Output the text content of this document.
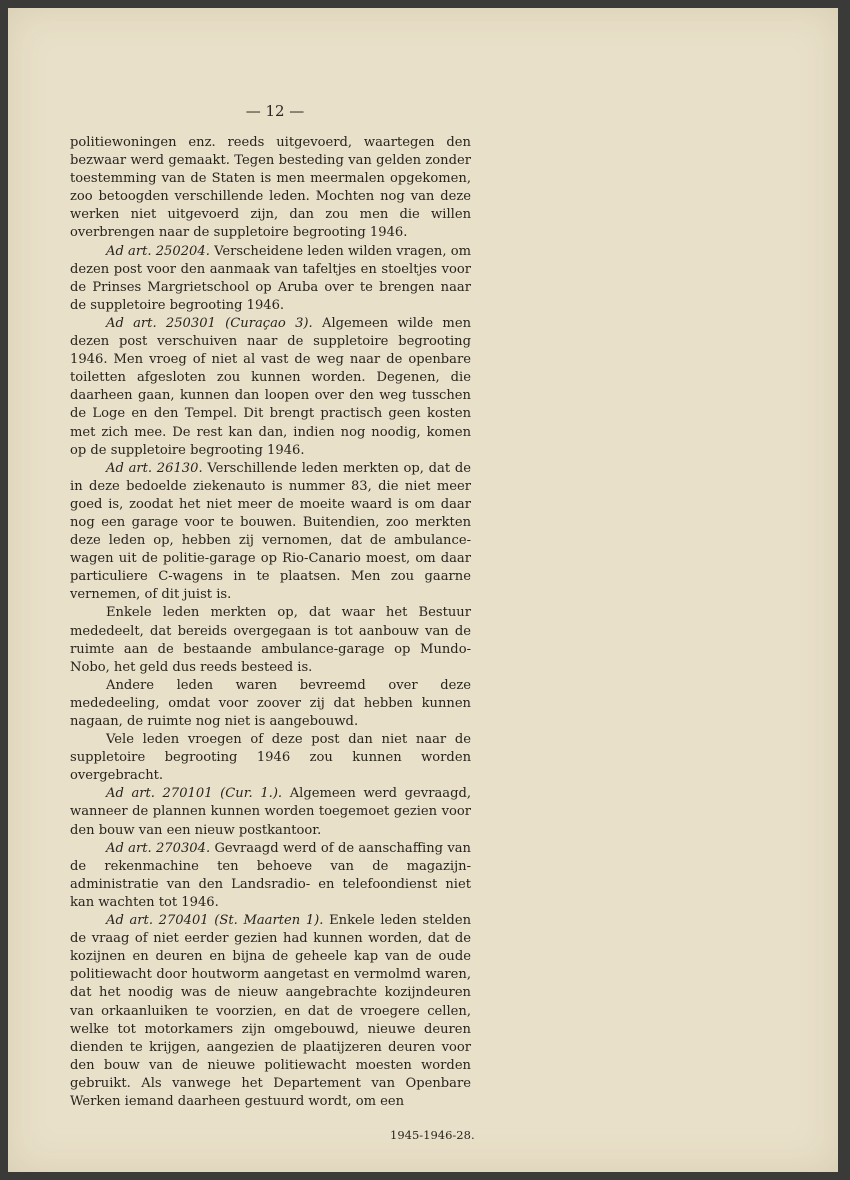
— 12 —

politiewoningen enz. reeds uitgevoerd, waartegen den bezwaar werd gemaakt. Tegen besteding van gelden zonder toestemming van de Staten is men meermalen opgekomen, zoo betoogden verschillende leden. Mochten nog van deze werken niet uitgevoerd zijn, dan zou men die willen overbrengen naar de suppletoire begrooting 1946.

Ad art. 250204. Verscheidene leden wilden vragen, om dezen post voor den aanmaak van tafeltjes en stoeltjes voor de Prinses Margrietschool op Aruba over te brengen naar de suppletoire begrooting 1946.

Ad art. 250301 (Curaçao 3). Algemeen wilde men dezen post verschuiven naar de suppletoire begrooting 1946. Men vroeg of niet al vast de weg naar de openbare toiletten afgesloten zou kunnen worden. Degenen, die daarheen gaan, kunnen dan loopen over den weg tusschen de Loge en den Tempel. Dit brengt practisch geen kosten met zich mee. De rest kan dan, indien nog noodig, komen op de suppletoire begrooting 1946.

Ad art. 26130. Verschillende leden merkten op, dat de in deze bedoelde ziekenauto is nummer 83, die niet meer goed is, zoodat het niet meer de moeite waard is om daar nog een garage voor te bouwen. Buitendien, zoo merkten deze leden op, hebben zij vernomen, dat de ambulance-wagen uit de politie-garage op Rio-Canario moest, om daar particuliere C-wagens in te plaatsen. Men zou gaarne vernemen, of dit juist is.

Enkele leden merkten op, dat waar het Bestuur mededeelt, dat bereids overgegaan is tot aanbouw van de ruimte aan de bestaande ambulance-garage op Mundo-Nobo, het geld dus reeds besteed is.

Andere leden waren bevreemd over deze mededeeling, omdat voor zoover zij dat hebben kunnen nagaan, de ruimte nog niet is aangebouwd.

Vele leden vroegen of deze post dan niet naar de suppletoire begrooting 1946 zou kunnen worden overgebracht.

Ad art. 270101 (Cur. 1.). Algemeen werd gevraagd, wanneer de plannen kunnen worden toegemoet gezien voor den bouw van een nieuw postkantoor.

Ad art. 270304. Gevraagd werd of de aanschaffing van de rekenmachine ten behoeve van de magazijn-administratie van den Landsradio- en telefoondienst niet kan wachten tot 1946.

Ad art. 270401 (St. Maarten 1). Enkele leden stelden de vraag of niet eerder gezien had kunnen worden, dat de kozijnen en deuren en bijna de geheele kap van de oude politiewacht door houtworm aangetast en vermolmd waren, dat het noodig was de nieuw aangebrachte kozijndeuren van orkaanluiken te voorzien, en dat de vroegere cellen, welke tot motorkamers zijn omgebouwd, nieuwe deuren dienden te krijgen, aangezien de plaatijzeren deuren voor den bouw van de nieuwe politiewacht moesten worden gebruikt. Als vanwege het Departement van Openbare Werken iemand daarheen gestuurd wordt, om een

1945-1946-28.
